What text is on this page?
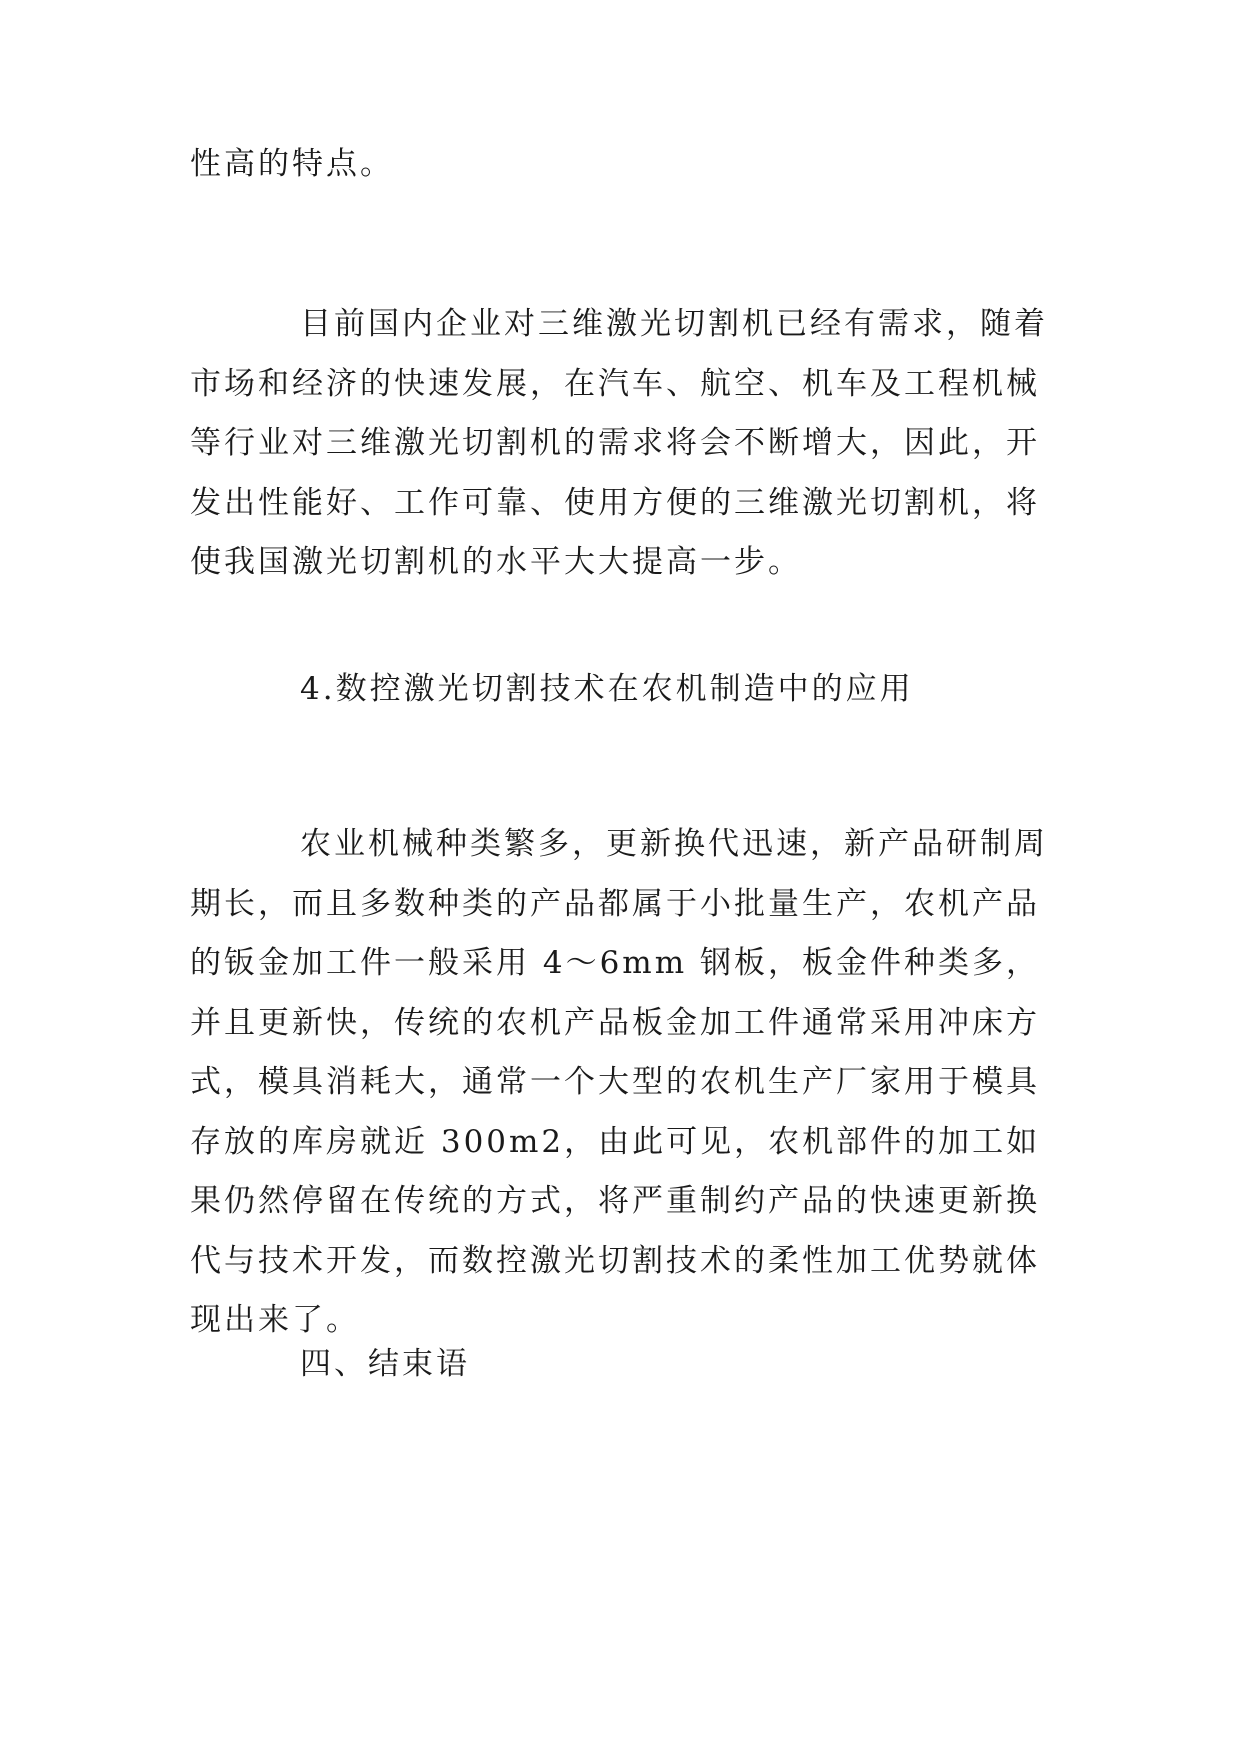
性高的特点。

目前国内企业对三维激光切割机已经有需求，随着市场和经济的快速发展，在汽车、航空、机车及工程机械等行业对三维激光切割机的需求将会不断增大，因此，开发出性能好、工作可靠、使用方便的三维激光切割机，将使我国激光切割机的水平大大提高一步。

4.数控激光切割技术在农机制造中的应用

农业机械种类繁多，更新换代迅速，新产品研制周期长，而且多数种类的产品都属于小批量生产，农机产品的钣金加工件一般采用 4～6mm 钢板，板金件种类多，并且更新快，传统的农机产品板金加工件通常采用冲床方式，模具消耗大，通常一个大型的农机生产厂家用于模具存放的库房就近 300m2，由此可见，农机部件的加工如果仍然停留在传统的方式，将严重制约产品的快速更新换代与技术开发，而数控激光切割技术的柔性加工优势就体现出来了。

四、结束语
